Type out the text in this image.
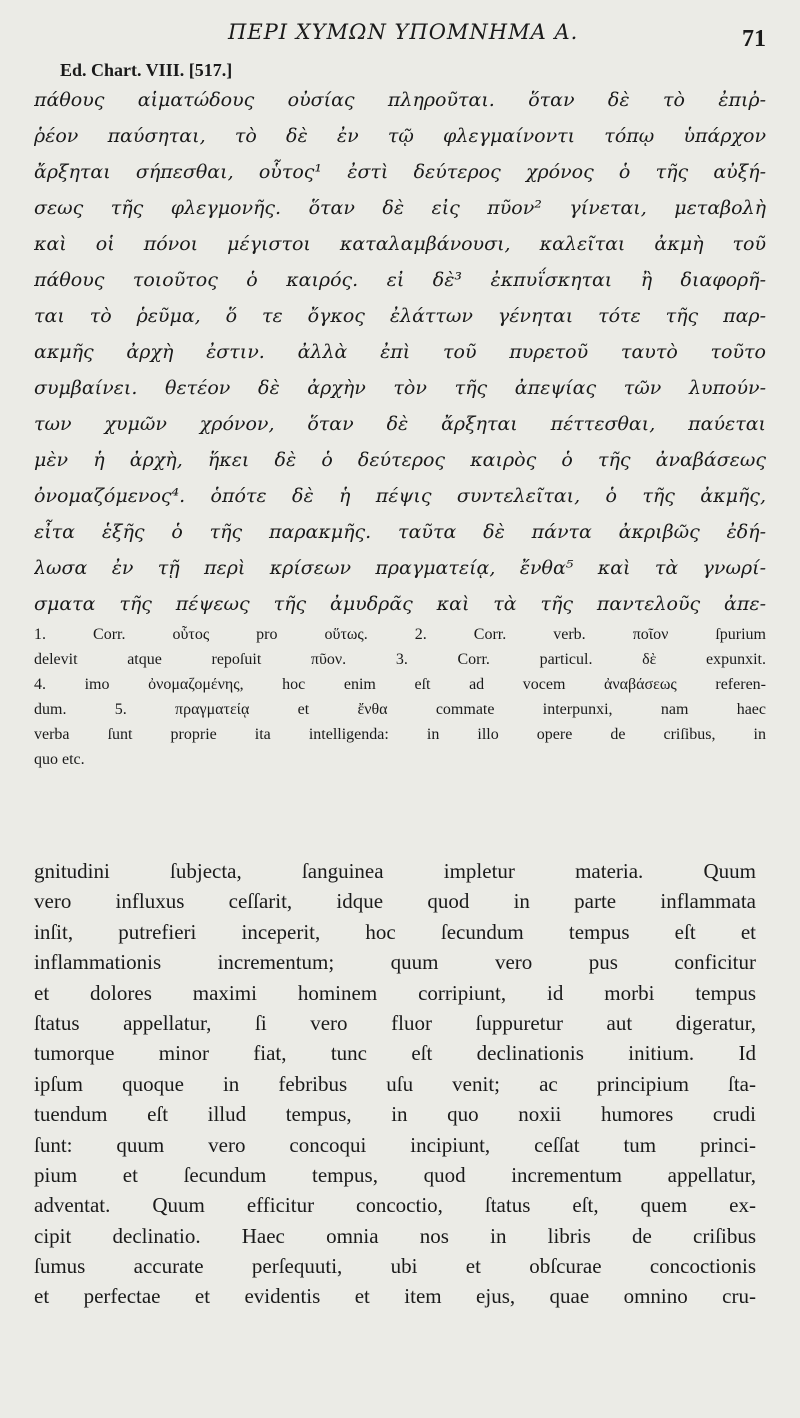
ΠΕΡΙ ΧΥΜΩΝ ΥΠΟΜΝΗΜΑ Α.	71
Ed. Chart. VIII. [517.]
πάθους αἱματώδους οὐσίας πληροῦται. ὅταν δὲ τὸ ἐπιῤ-
ῥέον παύσηται, τὸ δὲ ἐν τῷ φλεγμαίνοντι τόπῳ ὑπάρχον
ἄρξηται σήπεσθαι, οὗτος¹ ἐστὶ δεύτερος χρόνος ὁ τῆς αὐξή-
σεως τῆς φλεγμονῆς. ὅταν δὲ εἰς πῦον² γίνεται, μεταβολὴ
καὶ οἱ πόνοι μέγιστοι καταλαμβάνουσι, καλεῖται ἀκμὴ τοῦ
πάθους τοιοῦτος ὁ καιρός. εἰ δὲ³ ἐκπυΐσκηται ἢ διαφορῆ-
ται τὸ ῥεῦμα, ὅ τε ὄγκος ἐλάττων γένηται τότε τῆς παρ-
ακμῆς ἀρχὴ ἐστιν. ἀλλὰ ἐπὶ τοῦ πυρετοῦ ταυτὸ τοῦτο
συμβαίνει. θετέον δὲ ἀρχὴν τὸν τῆς ἀπεψίας τῶν λυπούν-
των χυμῶν χρόνον, ὅταν δὲ ἄρξηται πέττεσθαι, παύεται
μὲν ἡ ἀρχὴ, ἥκει δὲ ὁ δεύτερος καιρὸς ὁ τῆς ἀναβάσεως
ὀνομαζόμενος⁴. ὁπότε δὲ ἡ πέψις συντελεῖται, ὁ τῆς ἀκμῆς,
εἶτα ἑξῆς ὁ τῆς παρακμῆς. ταῦτα δὲ πάντα ἀκριβῶς ἐδή-
λωσα ἐν τῇ περὶ κρίσεων πραγματείᾳ, ἔνθα⁵ καὶ τὰ γνωρί-
σματα τῆς πέψεως τῆς ἀμυδρᾶς καὶ τὰ τῆς παντελοῦς ἀπε-
1. Corr. οὗτος pro οὕτως. 2. Corr. verb. ποῖον ſpurium
delevit atque repoſuit πῦον. 3. Corr. particul. δὲ expunxit.
4. imo ὀνομαζομένης, hoc enim eſt ad vocem ἀναβάσεως referen-
dum. 5. πραγματείᾳ et ἔνθα commate interpunxi, nam haec
verba ſunt proprie ita intelligenda: in illo opere de criſibus, in
quo etc.
gnitudini ſubjecta, ſanguinea impletur materia. Quum
vero influxus ceſſarit, idque quod in parte inflammata
inſit, putrefieri inceperit, hoc ſecundum tempus eſt et
inflammationis incrementum; quum vero pus conficitur
et dolores maximi hominem corripiunt, id morbi tempus
ſtatus appellatur, ſi vero fluor ſuppuretur aut digeratur,
tumorque minor fiat, tunc eſt declinationis initium. Id
ipſum quoque in febribus uſu venit; ac principium ſta-
tuendum eſt illud tempus, in quo noxii humores crudi
ſunt: quum vero concoqui incipiunt, ceſſat tum princi-
pium et ſecundum tempus, quod incrementum appellatur,
adventat. Quum efficitur concoctio, ſtatus eſt, quem ex-
cipit declinatio. Haec omnia nos in libris de criſibus
ſumus accurate perſequuti, ubi et obſcurae concoctionis
et perfectae et evidentis et item ejus, quae omnino cru-
